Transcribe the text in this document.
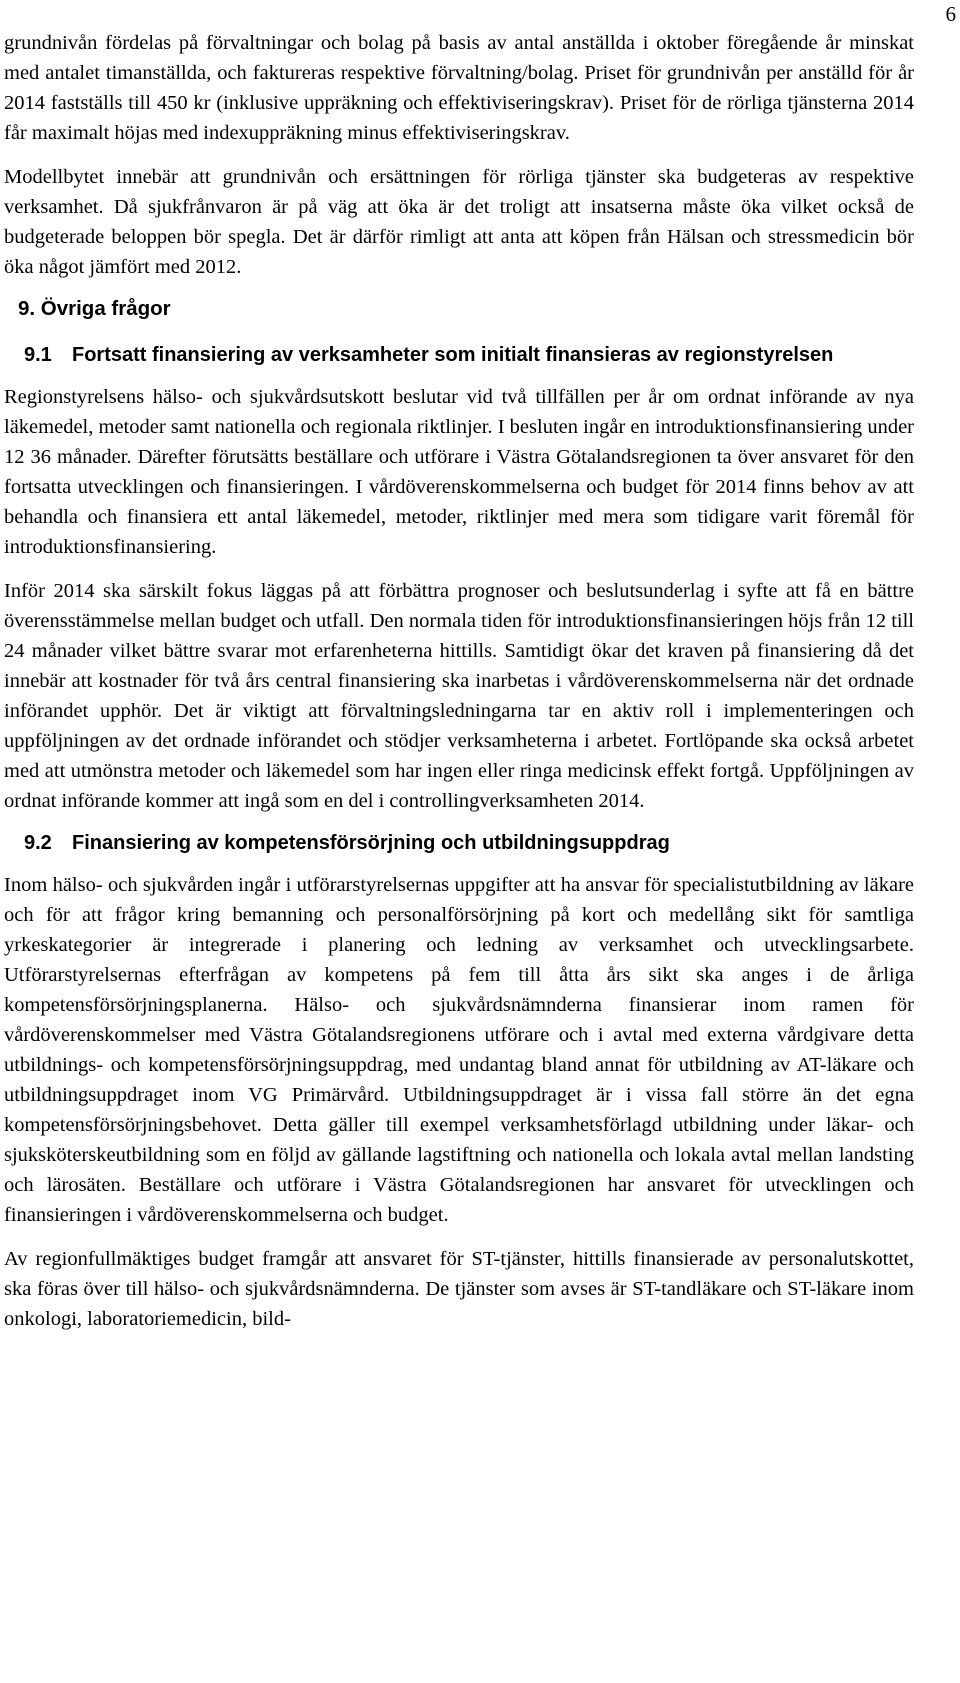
6

grundnivån fördelas på förvaltningar och bolag på basis av antal anställda i oktober föregående år minskat med antalet timanställda, och faktureras respektive förvaltning/bolag. Priset för grundnivån per anställd för år 2014 fastställs till 450 kr (inklusive uppräkning och effektiviseringskrav). Priset för de rörliga tjänsterna 2014 får maximalt höjas med indexuppräkning minus effektiviseringskrav.

Modellbytet innebär att grundnivån och ersättningen för rörliga tjänster ska budgeteras av respektive verksamhet. Då sjukfrånvaron är på väg att öka är det troligt att insatserna måste öka vilket också de budgeterade beloppen bör spegla. Det är därför rimligt att anta att köpen från Hälsan och stressmedicin bör öka något jämfört med 2012.

9. Övriga frågor
9.1	Fortsatt finansiering av verksamheter som initialt finansieras av regionstyrelsen

Regionstyrelsens hälso- och sjukvårdsutskott beslutar vid två tillfällen per år om ordnat införande av nya läkemedel, metoder samt nationella och regionala riktlinjer. I besluten ingår en introduktionsfinansiering under 12 36 månader. Därefter förutsätts beställare och utförare i Västra Götalandsregionen ta över ansvaret för den fortsatta utvecklingen och finansieringen. I vårdöverenskommelserna och budget för 2014 finns behov av att behandla och finansiera ett antal läkemedel, metoder, riktlinjer med mera som tidigare varit föremål för introduktionsfinansiering.

Inför 2014 ska särskilt fokus läggas på att förbättra prognoser och beslutsunderlag i syfte att få en bättre överensstämmelse mellan budget och utfall. Den normala tiden för introduktionsfinansieringen höjs från 12 till 24 månader vilket bättre svarar mot erfarenheterna hittills. Samtidigt ökar det kraven på finansiering då det innebär att kostnader för två års central finansiering ska inarbetas i vårdöverenskommelserna när det ordnade införandet upphör. Det är viktigt att förvaltningsledningarna tar en aktiv roll i implementeringen och uppföljningen av det ordnade införandet och stödjer verksamheterna i arbetet. Fortlöpande ska också arbetet med att utmönstra metoder och läkemedel som har ingen eller ringa medicinsk effekt fortgå. Uppföljningen av ordnat införande kommer att ingå som en del i controllingverksamheten 2014.

9.2	Finansiering av kompetensförsörjning och utbildningsuppdrag

Inom hälso- och sjukvården ingår i utförarstyrelsernas uppgifter att ha ansvar för specialistutbildning av läkare och för att frågor kring bemanning och personalförsörjning på kort och medellång sikt för samtliga yrkeskategorier är integrerade i planering och ledning av verksamhet och utvecklingsarbete. Utförarstyrelsernas efterfrågan av kompetens på fem till åtta års sikt ska anges i de årliga kompetensförsörjningsplanerna. Hälso- och sjukvårdsnämnderna finansierar inom ramen för vårdöverenskommelser med Västra Götalandsregionens utförare och i avtal med externa vårdgivare detta utbildnings- och kompetensförsörjningsuppdrag, med undantag bland annat för utbildning av AT-läkare och utbildningsuppdraget inom VG Primärvård. Utbildningsuppdraget är i vissa fall större än det egna kompetensförsörjningsbehovet. Detta gäller till exempel verksamhetsförlagd utbildning under läkar- och sjuksköterskeutbildning som en följd av gällande lagstiftning och nationella och lokala avtal mellan landsting och lärosäten. Beställare och utförare i Västra Götalandsregionen har ansvaret för utvecklingen och finansieringen i vårdöverenskommelserna och budget.

Av regionfullmäktiges budget framgår att ansvaret för ST-tjänster, hittills finansierade av personalutskottet, ska föras över till hälso- och sjukvårdsnämnderna. De tjänster som avses är ST-tandläkare och ST-läkare inom onkologi, laboratoriemedicin, bild-
